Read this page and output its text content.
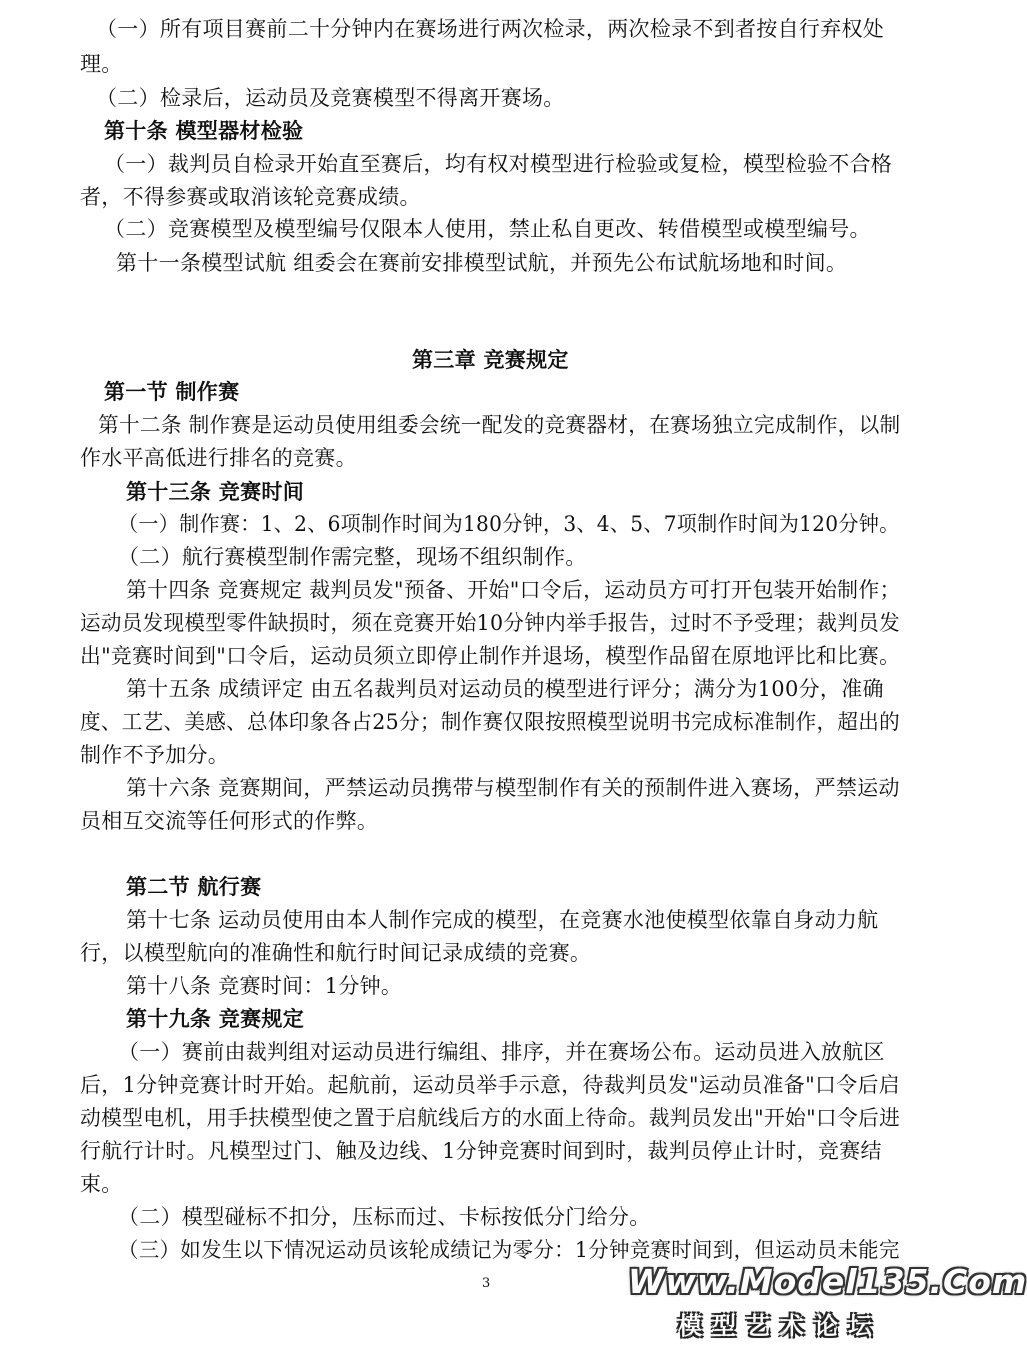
（一）所有项目赛前二十分钟内在赛场进行两次检录，两次检录不到者按自行弃权处
理。
（二）检录后，运动员及竞赛模型不得离开赛场。
第十条 模型器材检验
（一）裁判员自检录开始直至赛后，均有权对模型进行检验或复检，模型检验不合格
者，不得参赛或取消该轮竞赛成绩。
（二）竞赛模型及模型编号仅限本人使用，禁止私自更改、转借模型或模型编号。
第十一条模型试航 组委会在赛前安排模型试航，并预先公布试航场地和时间。
第三章 竞赛规定
第一节 制作赛
第十二条 制作赛是运动员使用组委会统一配发的竞赛器材，在赛场独立完成制作，以制
作水平高低进行排名的竞赛。
第十三条 竞赛时间
（一）制作赛：1、2、6项制作时间为180分钟，3、4、5、7项制作时间为120分钟。
（二）航行赛模型制作需完整，现场不组织制作。
第十四条 竞赛规定 裁判员发"预备、开始"口令后，运动员方可打开包装开始制作；
运动员发现模型零件缺损时，须在竞赛开始10分钟内举手报告，过时不予受理；裁判员发
出"竞赛时间到"口令后，运动员须立即停止制作并退场，模型作品留在原地评比和比赛。
第十五条 成绩评定 由五名裁判员对运动员的模型进行评分；满分为100分，准确
度、工艺、美感、总体印象各占25分；制作赛仅限按照模型说明书完成标准制作，超出的
制作不予加分。
第十六条 竞赛期间，严禁运动员携带与模型制作有关的预制件进入赛场，严禁运动
员相互交流等任何形式的作弊。
第二节 航行赛
第十七条 运动员使用由本人制作完成的模型，在竞赛水池使模型依靠自身动力航
行，以模型航向的准确性和航行时间记录成绩的竞赛。
第十八条 竞赛时间：1分钟。
第十九条 竞赛规定
（一）赛前由裁判组对运动员进行编组、排序，并在赛场公布。运动员进入放航区
后，1分钟竞赛计时开始。起航前，运动员举手示意，待裁判员发"运动员准备"口令后启
动模型电机，用手扶模型使之置于启航线后方的水面上待命。裁判员发出"开始"口令后进
行航行计时。凡模型过门、触及边线、1分钟竞赛时间到时，裁判员停止计时，竞赛结
束。
（二）模型碰标不扣分，压标而过、卡标按低分门给分。
（三）如发生以下情况运动员该轮成绩记为零分：1分钟竞赛时间到，但运动员未能完
3	Www.Model135.Com
模型艺术论坛
